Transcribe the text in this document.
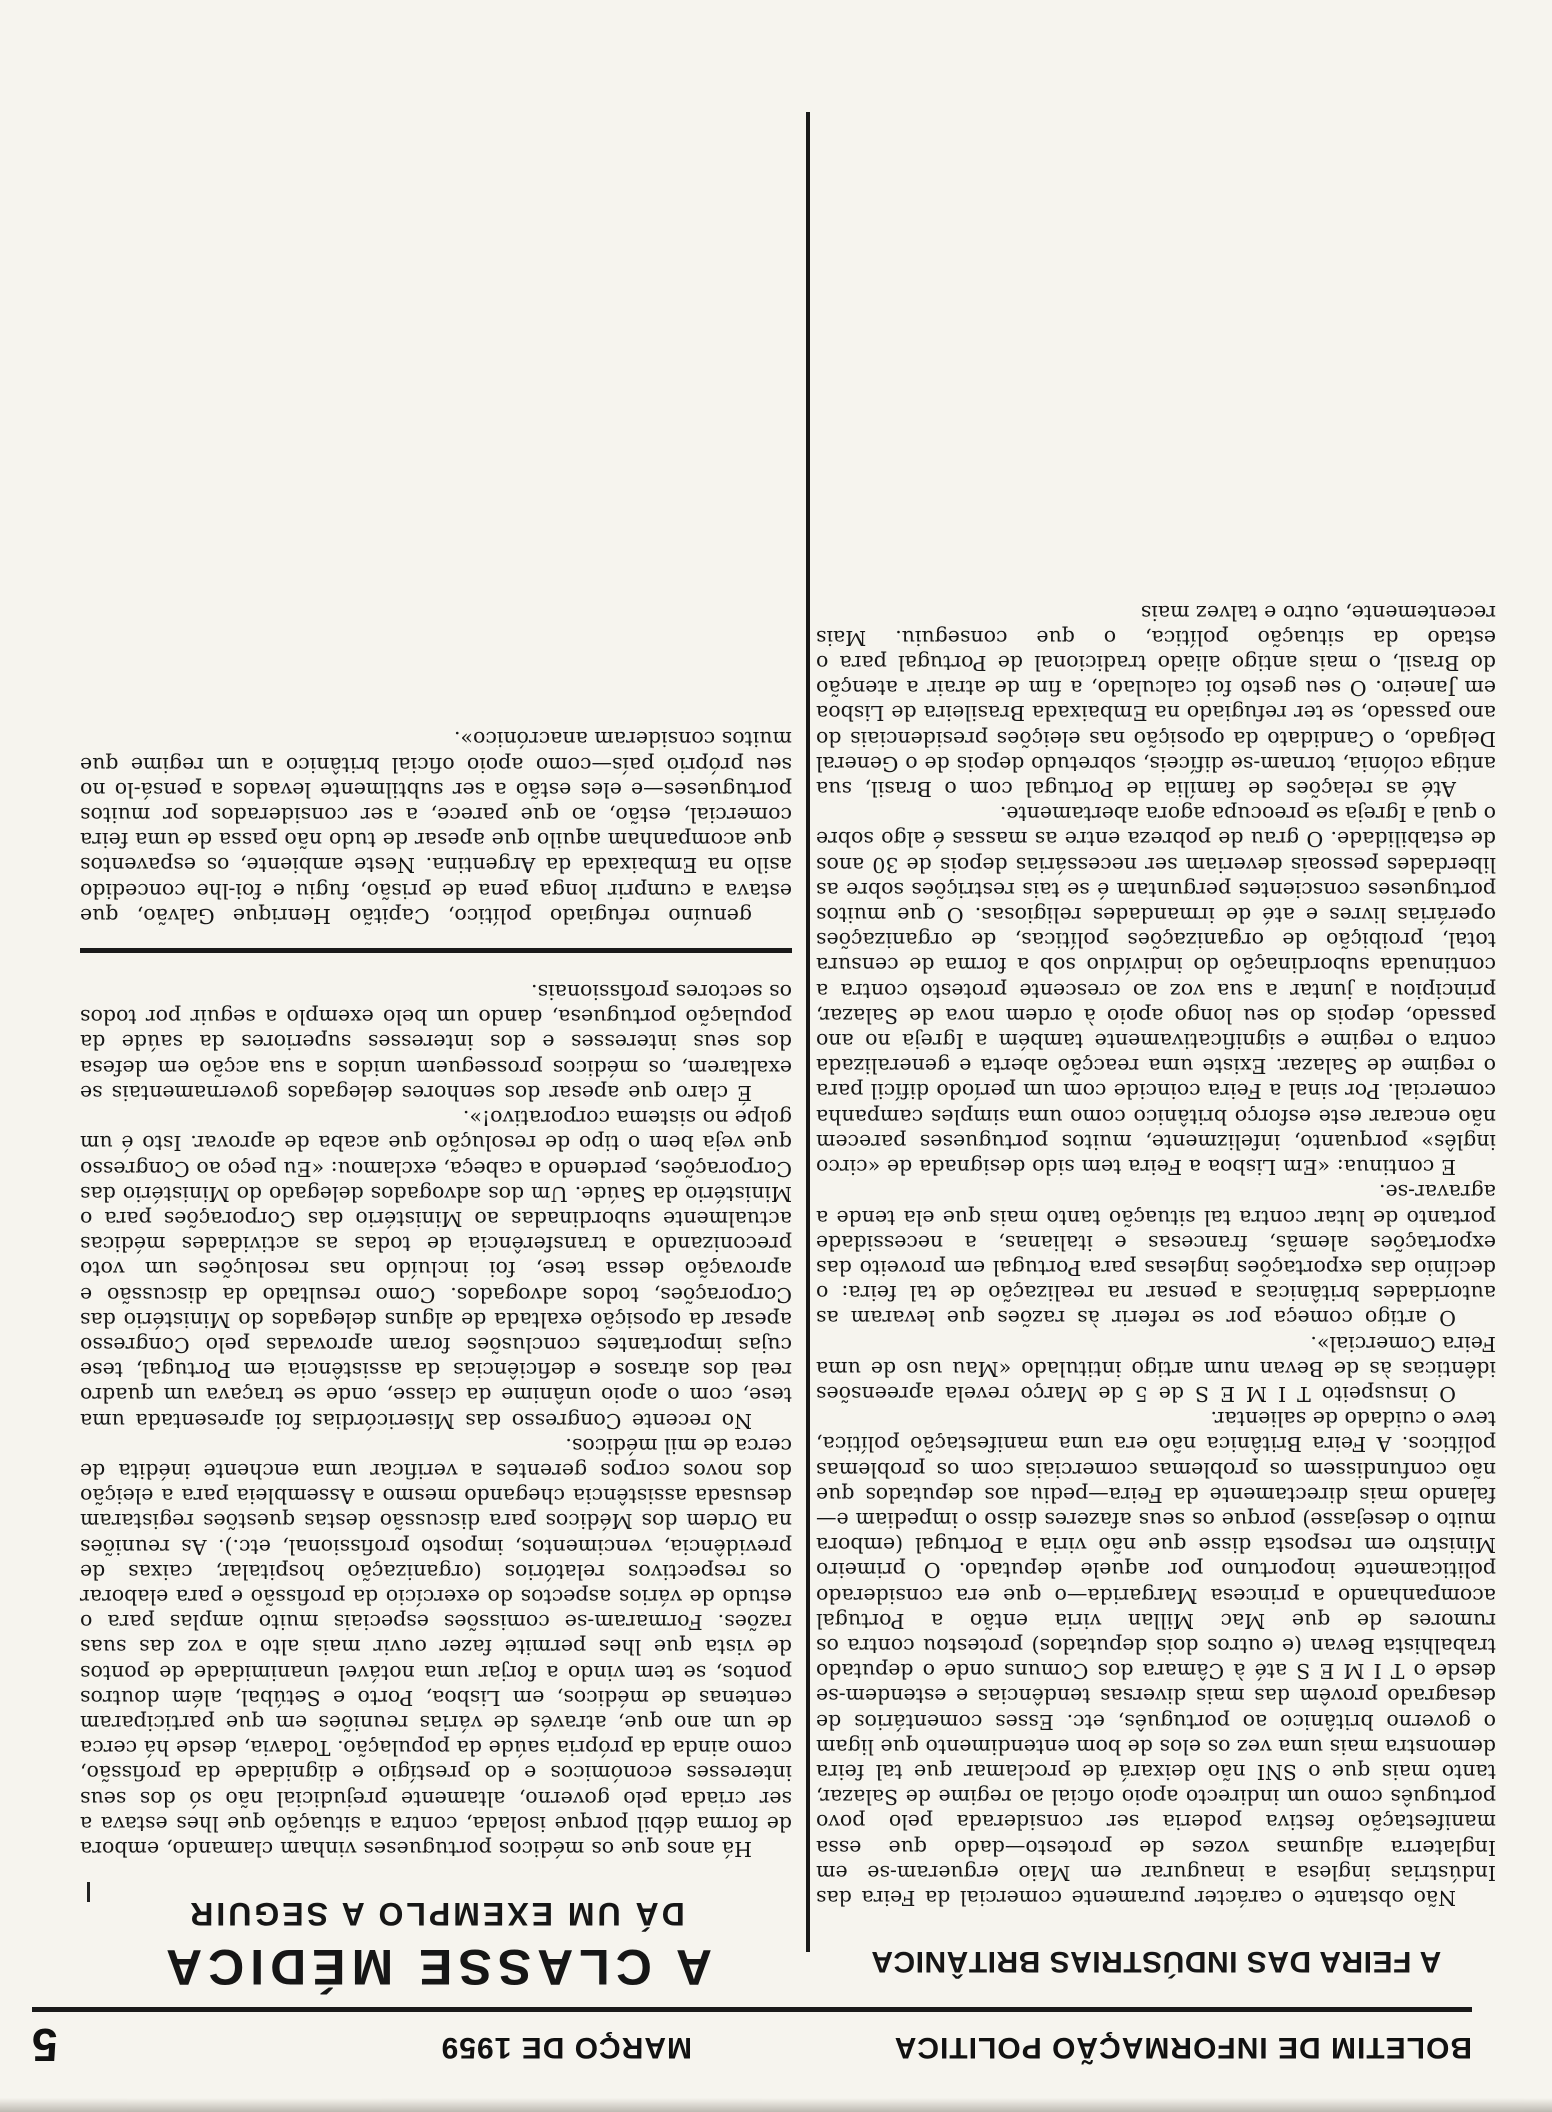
BOLETIM DE INFORMAÇÃO POLITICA
MARÇO DE 1959
5
A FEIRA DAS INDÚSTRIAS BRITÂNICA

Não obstante o carácter puramente comercial da Feira das Indústrias inglesa a inaugurar em Maio ergueram-se em Inglaterra algumas vozes de protesto—dado que essa manifestação festiva poderia ser considerada pelo povo português como um indirecto apoio oficial ao regime de Salazar, tanto mais que o SNI não deixará de proclamar que tal feira demonstra mais uma vez os elos de bom entendimento que ligam o governo britânico ao português, etc. Esses comentários de desagrado provêm das mais diversas tendências e estendem-se desde o T I M E S até à Câmara dos Comuns onde o deputado trabalhista Bevan (e outros dois deputados) protestou contra os rumores de que Mac Millan viria então a Portugal acompanhando a princesa Margarida—o que era considerado politicamente inoportuno por aquele deputado. O primeiro Ministro em resposta disse que não viria a Portugal (embora muito o desejasse) porque os seus afazeres disso o impediam e—falando mais directamente da Feira—pediu aos deputados que não confundissem os problemas comerciais com os problemas políticos. A Feira Britânica não era uma manifestação política, teve o cuidado de salientar.

O insuspeito T I M E S de 5 de Março revela apreensões idênticas às de Bevan num artigo intitulado «Mau uso de uma Feira Comercial».

O artigo começa por se referir às razões que levaram as autoridades britânicas a pensar na realização de tal feira: o declínio das exportações inglesas para Portugal em proveito das exportações alemãs, francesas e italianas, a necessidade portanto de lutar contra tal situação tanto mais que ela tende a agravar-se.

E continua: «Em Lisboa a Feira tem sido designada de «circo inglês» porquanto, infelizmente, muitos portugueses parecem não encarar este esforço britânico como uma simples campanha comercial. Por sinal a Feira coincide com um período difícil para o regime de Salazar. Existe uma reacção aberta e generalizada contra o regime e significativamente também a Igreja no ano passado, depois do seu longo apoio à ordem nova de Salazar, principiou a juntar a sua voz ao crescente protesto contra a continuada subordinação do indivíduo sob a forma de censura total, proibição de organizações políticas, de organizações operárias livres e até de irmandades religiosas. O que muitos portugueses conscientes perguntam é se tais restrições sobre as liberdades pessoais deveriam ser necessárias depois de 30 anos de estabilidade. O grau de pobreza entre as massas é algo sobre o qual a Igreja se preocupa agora abertamente.

Até as relações de família de Portugal com o Brasil, sua antiga colónia, tornam-se difíceis, sobretudo depois de o General Delgado, o Candidato da oposição nas eleições presidenciais do ano passado, se ter refugiado na Embaixada Brasileira de Lisboa em Janeiro. O seu gesto foi calculado, a fim de atrair a atenção do Brasil, o mais antigo aliado tradicional de Portugal para o estado da situação política, o que conseguiu. Mais recentemente, outro e talvez mais

A CLASSE MÉDICA
DÁ UM EXEMPLO A SEGUIR

Há anos que os médicos portugueses vinham clamando, embora de forma débil porque isolada, contra a situação que lhes estava a ser criada pelo governo, altamente prejudicial não só dos seus interesses económicos e do prestígio e dignidade da profissão, como ainda da própria saúde da população. Todavia, desde há cerca de um ano que, através de várias reuniões em que participaram centenas de médicos, em Lisboa, Porto e Setúbal, além doutros pontos, se tem vindo a forjar uma notável unanimidade de pontos de vista que lhes permite fazer ouvir mais alto a voz das suas razões. Formaram-se comissões especiais muito amplas para o estudo de vários aspectos do exercício da profissão e para elaborar os respectivos relatórios (organização hospitalar, caixas de previdência, vencimentos, imposto profissional, etc.). As reuniões na Ordem dos Médicos para discussão destas questões registaram desusada assistência chegando mesmo a Assembleia para a eleição dos novos corpos gerentes a verificar uma enchente inédita de cerca de mil médicos.

No recente Congresso das Misericórdias foi apresentada uma tese, com o apoio unânime da classe, onde se traçava um quadro real dos atrasos e deficiências da assistência em Portugal, tese cujas importantes conclusões foram aprovadas pelo Congresso apesar da oposição exaltada de alguns delegados do Ministério das Corporações, todos advogados. Como resultado da discussão e aprovação dessa tese, foi incluído nas resoluções um voto preconizando a transferência de todas as actividades médicas actualmente subordinadas ao Ministério das Corporações para o Ministério da Saúde. Um dos advogados delegado do Ministério das Corporações, perdendo a cabeça, exclamou: «Eu peço ao Congresso que veja bem o tipo de resolução que acaba de aprovar. Isto é um golpe no sistema corporativo!».

É claro que apesar dos senhores delegados governamentais se exaltarem, os médicos prosseguem unidos a sua acção em defesa dos seus interesses e dos interesses superiores da saúde da população portuguesa, dando um belo exemplo a seguir por todos os sectores profissionais.

genuíno refugiado político, Capitão Henrique Galvão, que estava a cumprir longa pena de prisão, fugiu e foi-lhe concedido asilo na Embaixada da Argentina. Neste ambiente, os espaventos que acompanham aquilo que apesar de tudo não passa de uma feira comercial, estão, ao que parece, a ser considerados por muitos portugueses—e eles estão a ser subtilmente levados a pensá-lo no seu próprio país—como apoio oficial britânico a um regime que muitos consideram anacrónico».
